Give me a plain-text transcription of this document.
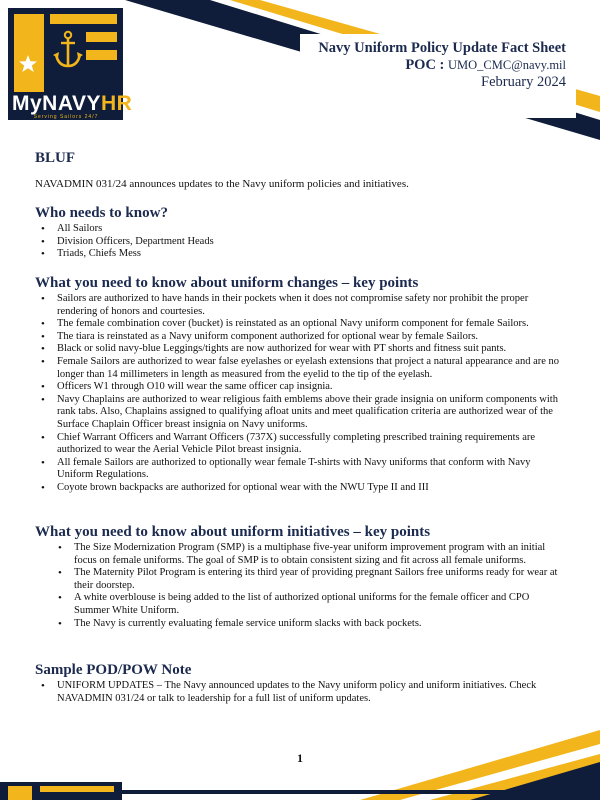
MyNAVYHR
Serving Sailors 24/7
Navy Uniform Policy Update Fact Sheet
POC : UMO_CMC@navy.mil
February 2024
BLUF
NAVADMIN 031/24 announces updates to the Navy uniform policies and initiatives.
Who needs to know?
• All Sailors
• Division Officers, Department Heads
• Triads, Chiefs Mess
What you need to know about uniform changes – key points
• Sailors are authorized to have hands in their pockets when it does not compromise safety nor prohibit the proper rendering of honors and courtesies.
• The female combination cover (bucket) is reinstated as an optional Navy uniform component for female Sailors.
• The tiara is reinstated as a Navy uniform component authorized for optional wear by female Sailors.
• Black or solid navy-blue Leggings/tights are now authorized for wear with PT shorts and fitness suit pants.
• Female Sailors are authorized to wear false eyelashes or eyelash extensions that project a natural appearance and are no longer than 14 millimeters in length as measured from the eyelid to the tip of the eyelash.
• Officers W1 through O10 will wear the same officer cap insignia.
• Navy Chaplains are authorized to wear religious faith emblems above their grade insignia on uniform components with rank tabs. Also, Chaplains assigned to qualifying afloat units and meet qualification criteria are authorized wear of the Surface Chaplain Officer breast insignia on Navy uniforms.
• Chief Warrant Officers and Warrant Officers (737X) successfully completing prescribed training requirements are authorized to wear the Aerial Vehicle Pilot breast insignia.
• All female Sailors are authorized to optionally wear female T-shirts with Navy uniforms that conform with Navy Uniform Regulations.
• Coyote brown backpacks are authorized for optional wear with the NWU Type II and III
What you need to know about uniform initiatives – key points
• The Size Modernization Program (SMP) is a multiphase five-year uniform improvement program with an initial focus on female uniforms. The goal of SMP is to obtain consistent sizing and fit across all female uniforms.
• The Maternity Pilot Program is entering its third year of providing pregnant Sailors free uniforms ready for wear at their doorstep.
• A white overblouse is being added to the list of authorized optional uniforms for the female officer and CPO Summer White Uniform.
• The Navy is currently evaluating female service uniform slacks with back pockets.
Sample POD/POW Note
• UNIFORM UPDATES – The Navy announced updates to the Navy uniform policy and uniform initiatives. Check NAVADMIN 031/24 or talk to leadership for a full list of uniform updates.
1
